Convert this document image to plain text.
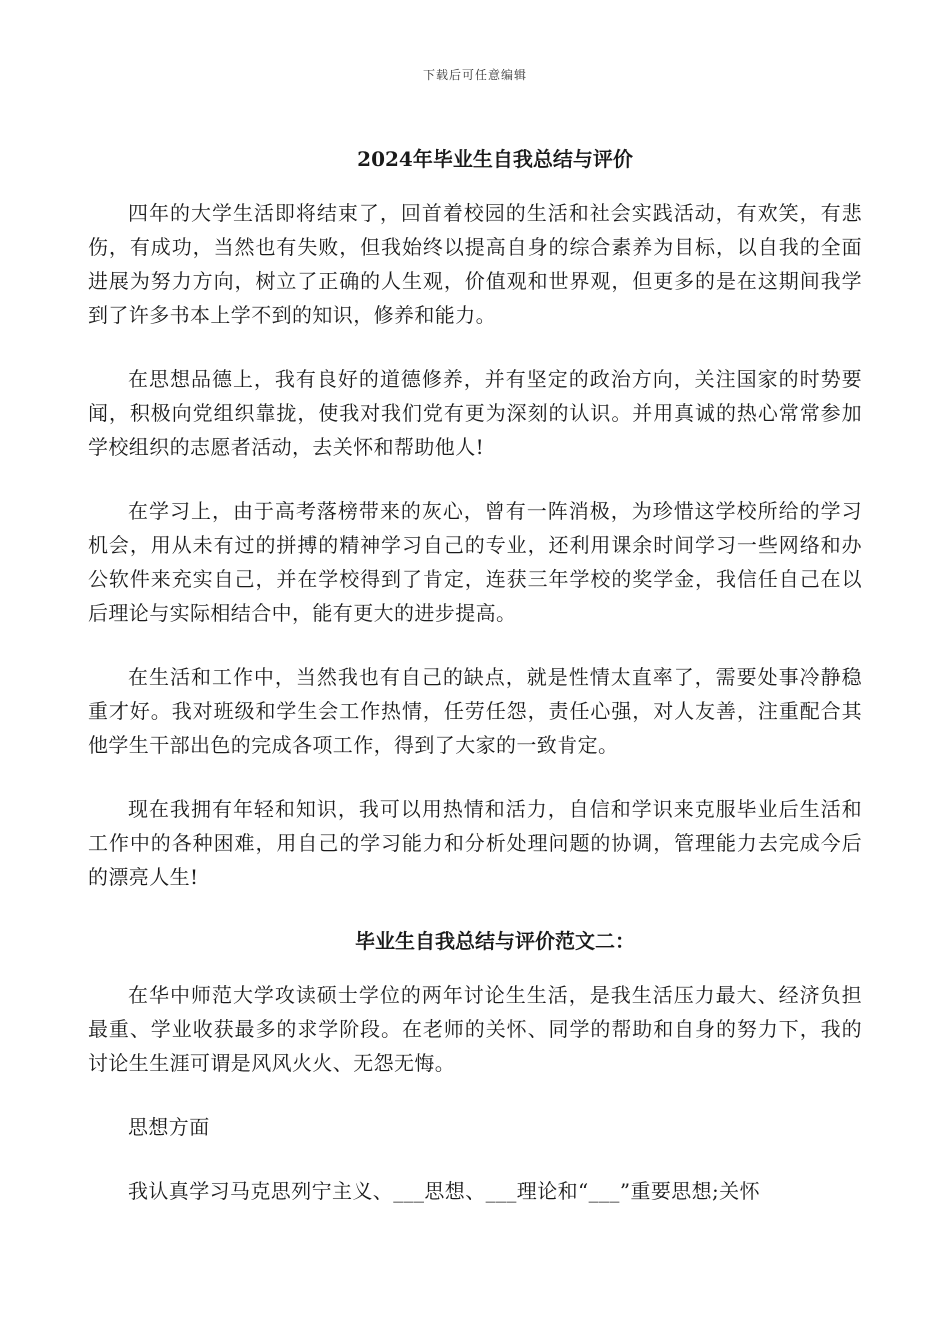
下载后可任意编辑
2024年毕业生自我总结与评价

四年的大学生活即将结束了，回首着校园的生活和社会实践活动，有欢笑，有悲伤，有成功，当然也有失败，但我始终以提高自身的综合素养为目标，以自我的全面进展为努力方向，树立了正确的人生观，价值观和世界观，但更多的是在这期间我学到了许多书本上学不到的知识，修养和能力。

在思想品德上，我有良好的道德修养，并有坚定的政治方向，关注国家的时势要闻，积极向党组织靠拢，使我对我们党有更为深刻的认识。并用真诚的热心常常参加学校组织的志愿者活动，去关怀和帮助他人!

在学习上，由于高考落榜带来的灰心，曾有一阵消极，为珍惜这学校所给的学习机会，用从未有过的拼搏的精神学习自己的专业，还利用课余时间学习一些网络和办公软件来充实自己，并在学校得到了肯定，连获三年学校的奖学金，我信任自己在以后理论与实际相结合中，能有更大的进步提高。

在生活和工作中，当然我也有自己的缺点，就是性情太直率了，需要处事冷静稳重才好。我对班级和学生会工作热情，任劳任怨，责任心强，对人友善，注重配合其他学生干部出色的完成各项工作，得到了大家的一致肯定。

现在我拥有年轻和知识，我可以用热情和活力，自信和学识来克服毕业后生活和工作中的各种困难，用自己的学习能力和分析处理问题的协调，管理能力去完成今后的漂亮人生!

毕业生自我总结与评价范文二：

在华中师范大学攻读硕士学位的两年讨论生生活，是我生活压力最大、经济负担最重、学业收获最多的求学阶段。在老师的关怀、同学的帮助和自身的努力下，我的讨论生生涯可谓是风风火火、无怨无悔。

思想方面

我认真学习马克思列宁主义、___思想、___理论和“___”重要思想;关怀
